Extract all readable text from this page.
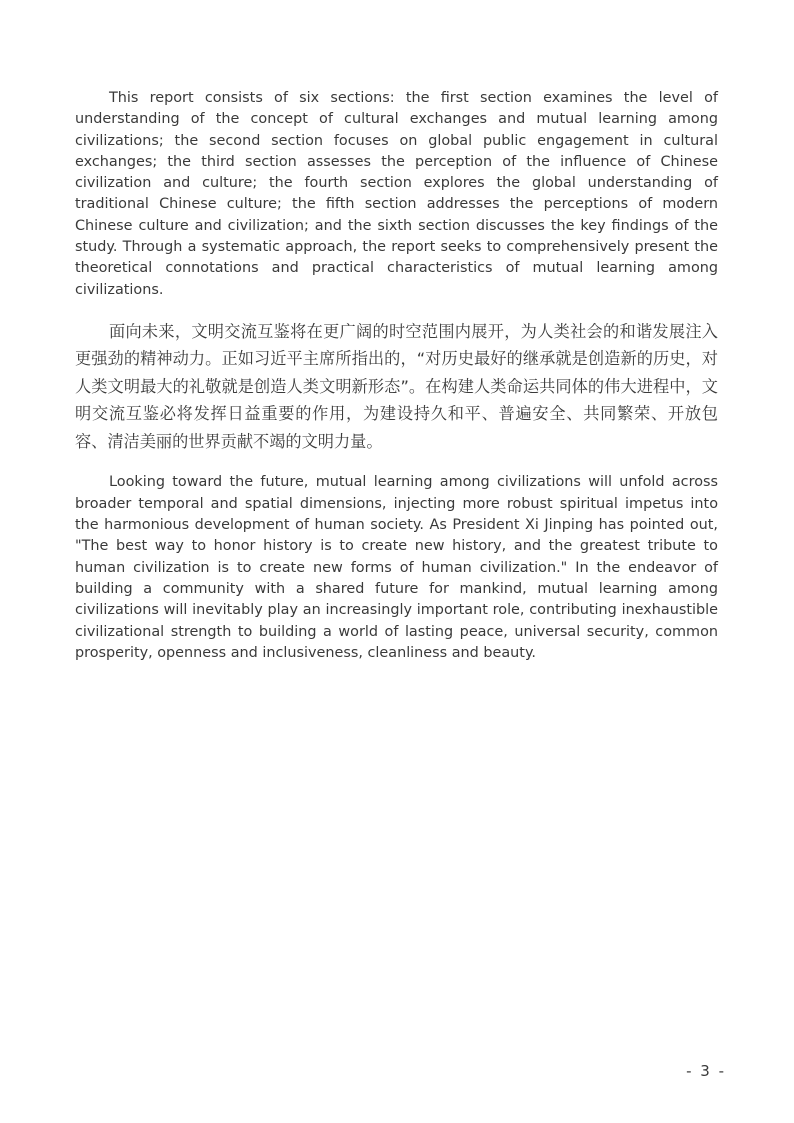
This report consists of six sections: the first section examines the level of understanding of the concept of cultural exchanges and mutual learning among civilizations; the second section focuses on global public engagement in cultural exchanges; the third section assesses the perception of the influence of Chinese civilization and culture; the fourth section explores the global understanding of traditional Chinese culture; the fifth section addresses the perceptions of modern Chinese culture and civilization; and the sixth section discusses the key findings of the study. Through a systematic approach, the report seeks to comprehensively present the theoretical connotations and practical characteristics of mutual learning among civilizations.

面向未来，文明交流互鉴将在更广阔的时空范围内展开，为人类社会的和谐发展注入更强劲的精神动力。正如习近平主席所指出的，“对历史最好的继承就是创造新的历史，对人类文明最大的礼敬就是创造人类文明新形态”。在构建人类命运共同体的伟大进程中，文明交流互鉴必将发挥日益重要的作用，为建设持久和平、普遍安全、共同繁荣、开放包容、清洁美丽的世界贡献不竭的文明力量。

Looking toward the future, mutual learning among civilizations will unfold across broader temporal and spatial dimensions, injecting more robust spiritual impetus into the harmonious development of human society. As President Xi Jinping has pointed out, "The best way to honor history is to create new history, and the greatest tribute to human civilization is to create new forms of human civilization." In the endeavor of building a community with a shared future for mankind, mutual learning among civilizations will inevitably play an increasingly important role, contributing inexhaustible civilizational strength to building a world of lasting peace, universal security, common prosperity, openness and inclusiveness, cleanliness and beauty.

- 3 -
